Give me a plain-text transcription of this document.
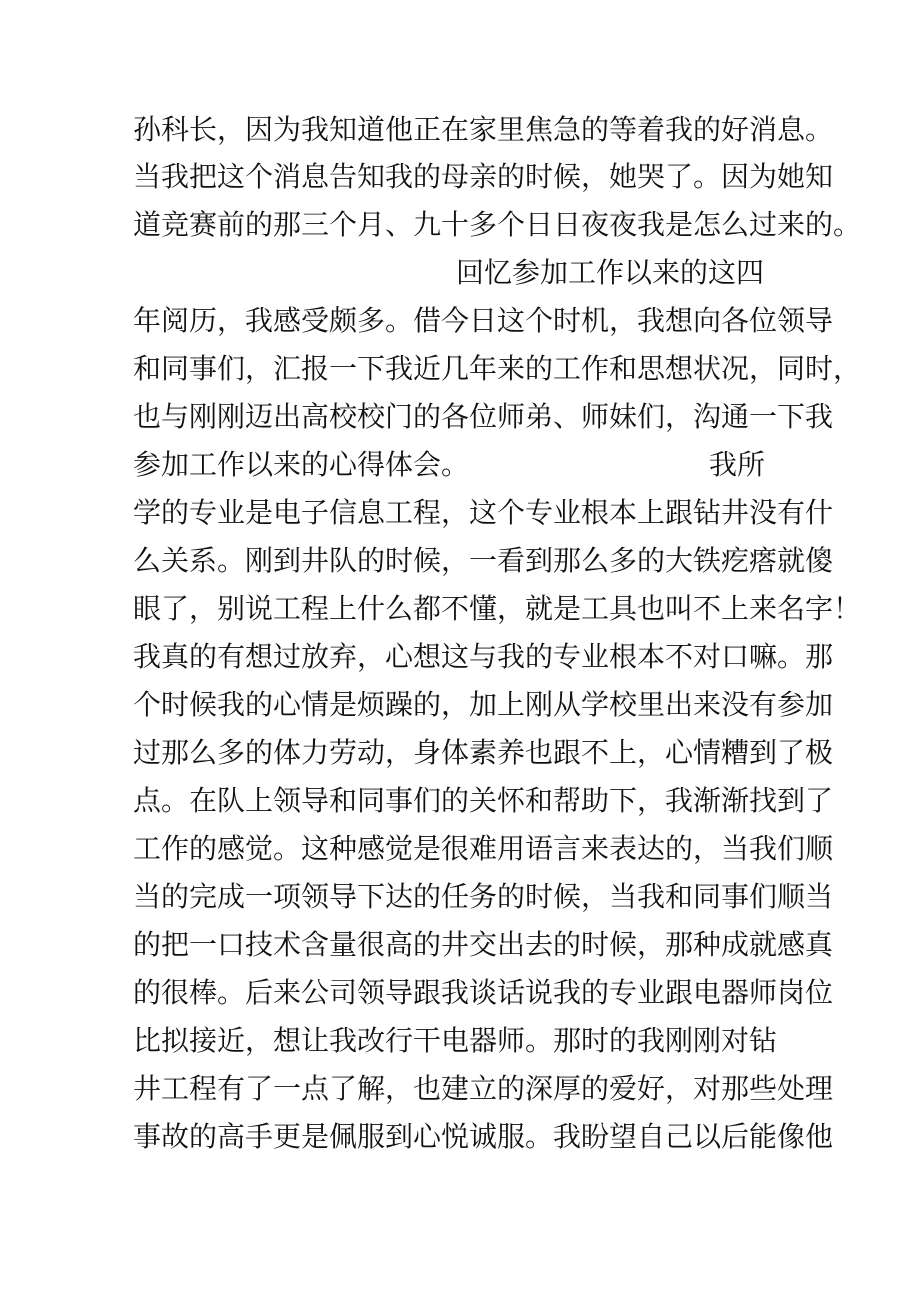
孙科长，因为我知道他正在家里焦急的等着我的好消息。
当我把这个消息告知我的母亲的时候，她哭了。因为她知
道竞赛前的那三个月、九十多个日日夜夜我是怎么过来的。
回忆参加工作以来的这四
年阅历，我感受颇多。借今日这个时机，我想向各位领导
和同事们，汇报一下我近几年来的工作和思想状况，同时，
也与刚刚迈出高校校门的各位师弟、师妹们，沟通一下我
参加工作以来的心得体会。	我所
学的专业是电子信息工程，这个专业根本上跟钻井没有什
么关系。刚到井队的时候，一看到那么多的大铁疙瘩就傻
眼了，别说工程上什么都不懂，就是工具也叫不上来名字！
我真的有想过放弃，心想这与我的专业根本不对口嘛。那
个时候我的心情是烦躁的，加上刚从学校里出来没有参加
过那么多的体力劳动，身体素养也跟不上，心情糟到了极
点。在队上领导和同事们的关怀和帮助下，我渐渐找到了
工作的感觉。这种感觉是很难用语言来表达的，当我们顺
当的完成一项领导下达的任务的时候，当我和同事们顺当
的把一口技术含量很高的井交出去的时候，那种成就感真
的很棒。后来公司领导跟我谈话说我的专业跟电器师岗位
比拟接近，想让我改行干电器师。那时的我刚刚对钻
井工程有了一点了解，也建立的深厚的爱好，对那些处理
事故的高手更是佩服到心悦诚服。我盼望自己以后能像他
